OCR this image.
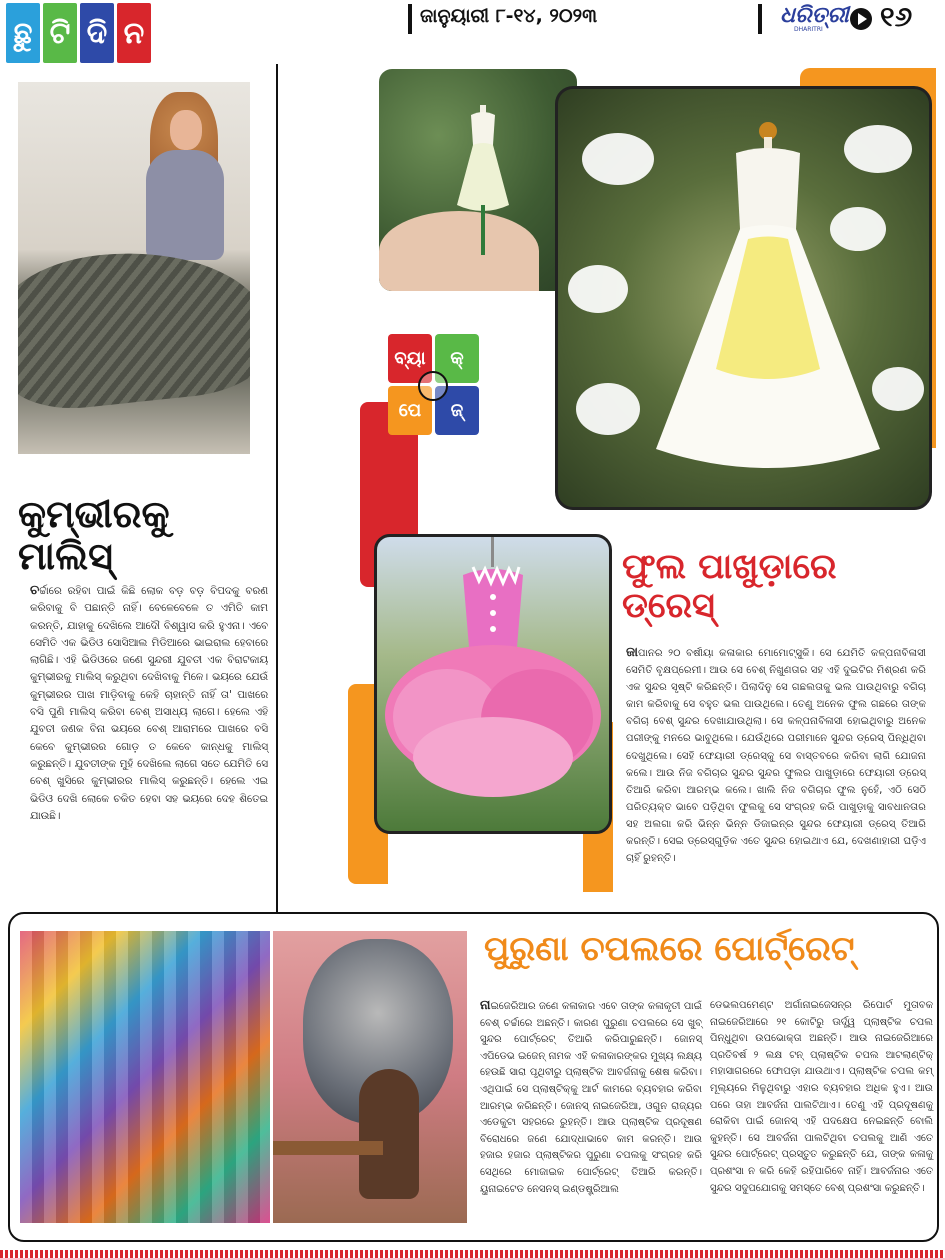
ଛୁ ଟି ଦି ନ	ଜାନୁୟାରୀ ୮-୧୪, ୨୦୨୩	ଧରିତ୍ରୀ
DHARITRI ୧୬
କୁମ୍ଭୀରକୁ ମାଲିସ୍

ଚର୍ଚ୍ଚାରେ ରହିବା ପାଇଁ କିଛି ଲୋକ ବଡ଼ ବଡ଼ ବିପଦକୁ ବରଣ କରିବାକୁ ବି ପଛାନ୍ତି ନାହିଁ। ବେଳେବେଳେ ତ ଏମିତି କାମ କରନ୍ତି, ଯାହାକୁ ଦେଖିଲେ ଆଦୌ ବିଶ୍ୱାସ କରି ହୁଏନା। ଏବେ ସେମିତି ଏକ ଭିଡିଓ ସୋସିଆଲ ମିଡିଆରେ ଭାଇରାଲ ହେବାରେ ଲାଗିଛି। ଏହି ଭିଡିଓରେ ଜଣେ ସୁନ୍ଦରୀ ଯୁବତୀ ଏକ ବିରାଟକାୟ କୁମ୍ଭୀରକୁ ମାଲିସ୍ କରୁଥିବା ଦେଖିବାକୁ ମିଳେ। ଭୟରେ ଯେଉଁ କୁମ୍ଭୀରର ପାଖ ମାଡ଼ିବାକୁ କେହି ଚାହାନ୍ତି ନାହିଁ ତା' ପାଖରେ ବସି ପୁଣି ମାଲିସ୍ କରିବା ବେଶ୍ ଅସାଧ୍ୟ ଲାଗେ। ହେଲେ ଏହି ଯୁବତୀ ଜଣକ ବିନା ଭୟରେ ବେଶ୍ ଆରାମରେ ପାଖରେ ବସି କେବେ କୁମ୍ଭୀରର ଗୋଡ଼ ତ କେବେ କାନ୍ଧକୁ ମାଲିସ୍ କରୁଛନ୍ତି। ଯୁବତୀଙ୍କ ମୁହଁ ଦେଖିଲେ ଲାଗେ ସତେ ଯେମିତି ସେ ବେଶ୍ ଖୁସିରେ କୁମ୍ଭୀରର ମାଲିସ୍ କରୁଛନ୍ତି। ହେଲେ ଏଇ ଭିଡିଓ ଦେଖି ଲୋକେ ଚକିତ ହେବା ସହ ଭୟରେ ଦେହ ଶିତେଇ ଯାଉଛି।

ବ୍ୟା	କ୍
ପେ	ଜ୍
ଫୁଲ ପାଖୁଡ଼ାରେ ଡ୍ରେସ୍

ଜାପାନର ୨୦ ବର୍ଷୀୟା କଳାକାର ମୋମୋଟ୍ସୁକି। ସେ ଯେମିତି କଳ୍ପନାବିଳାସୀ ସେମିତି ବୃକ୍ଷପ୍ରେମୀ। ଆଉ ସେ ବେଶ୍ ନିଖୁଣତାର ସହ ଏହି ଦୁଇଟିର ମିଶ୍ରଣ କରି ଏକ ସୁନ୍ଦର ସୃଷ୍ଟି କରିଛନ୍ତି। ପିଲାଦିନୁ ସେ ଗଛଲତାକୁ ଭଲ ପାଉଥିବାରୁ ବଗିଚା କାମ କରିବାକୁ ସେ ବହୁତ ଭଲ ପାଉଥିଲେ। ତେଣୁ ଅନେକ ଫୁଲ ଗଛରେ ତାଙ୍କ ବଗିଚା ବେଶ୍ ସୁନ୍ଦର ଦେଖାଯାଉଥିଲା। ସେ କଳ୍ପନାବିଳାସୀ ହୋଇଥିବାରୁ ଅନେକ ପରୀଙ୍କୁ ମନରେ ଭାବୁଥିଲେ। ଯେଉଁଥିରେ ପରୀମାନେ ସୁନ୍ଦର ଡ୍ରେସ୍ ପିନ୍ଧିଥିବା ଦେଖୁଥିଲେ। ସେହି ଫେୟାରୀ ଡ୍ରେସ୍‌କୁ ସେ ବାସ୍ତବରେ କରିବା ଲାଗି ଯୋଜନା କଲେ। ଆଉ ନିଜ ବଗିଚାର ସୁନ୍ଦର ସୁନ୍ଦର ଫୁଲର ପାଖୁଡ଼ାରେ ଫେୟାରୀ ଡ୍ରେସ୍ ତିଆରି କରିବା ଆରମ୍ଭ କଲେ। ଖାଲି ନିଜ ବଗିଚାର ଫୁଲ ନୁହେଁ, ଏଠି ସେଠି ପରିତ୍ୟକ୍ତ ଭାବେ ପଡ଼ିଥିବା ଫୁଲକୁ ସେ ସଂଗ୍ରହ କରି ପାଖୁଡ଼ାକୁ ସାବଧାନତାର ସହ ଅଲଗା କରି ଭିନ୍ନ ଭିନ୍ନ ଡିଜାଇନ୍‌ର ସୁନ୍ଦର ଫେୟାରୀ ଡ୍ରେସ୍ ତିଆରି କରନ୍ତି। ସେଇ ଡ୍ରେସ୍‌ଗୁଡ଼ିକ ଏତେ ସୁନ୍ଦର ହୋଇଥାଏ ଯେ, ଦେଖଣାହାରୀ ଘଡ଼ିଏ ଚାହିଁ ରୁହନ୍ତି।

ପୁରୁଣା ଚପଲରେ ପୋର୍ଟ୍ରେଟ୍

ନାଇଜେରିଆର ଜଣେ କଳାକାର ଏବେ ତାଙ୍କ କଳାକୃତୀ ପାଇଁ ବେଶ୍ ଚର୍ଚ୍ଚାରେ ଅଛନ୍ତି। କାରଣ ପୁରୁଣା ଚପଲରେ ସେ ଖୁବ୍ ସୁନ୍ଦର ପୋର୍ଟ୍ରେଟ୍ ତିଆରି କରିପାରୁଛନ୍ତି। ଜୋନସ୍ ଏପିଡେଭ ଇଜେନ୍ ନାମକ ଏହି କଳାକାରଙ୍କର ମୁଖ୍ୟ ଲକ୍ଷ୍ୟ ହେଉଛି ସାରା ପୃଥିବୀରୁ ପ୍ଲାଷ୍ଟିକ ଆବର୍ଜନାକୁ ଶେଷ କରିବା। ଏଥିପାଇଁ ସେ ପ୍ଲାଷ୍ଟିକ୍‌କୁ ଆର୍ଟ କାମରେ ବ୍ୟବହାର କରିବା ଆରମ୍ଭ କରିଛନ୍ତି। ଜୋନସ୍ ନାଇଜେରିଆ, ଓଗୁନ ରାଜ୍ୟର ଏଡେକୁଟା ସହରରେ ରୁହନ୍ତି। ଆଉ ପ୍ଲାଷ୍ଟିକ ପ୍ରଦୂଷଣ ବିରୋଧରେ ଜଣେ ଯୋଦ୍ଧାଭାବେ କାମ କରନ୍ତି। ଆଉ ହଜାର ହଜାର ପ୍ଲାଷ୍ଟିକର ପୁରୁଣା ଚପଲକୁ ସଂଗ୍ରହ କରି ସେଥିରେ ମୋଜାଇକ ପୋର୍ଟ୍ରେଟ୍ ତିଆରି କରନ୍ତି। ୟୁନାଇଟେଡ ନେସନସ୍ ଇଣ୍ଡଷ୍ଟ୍ରିଆଲ

ଡେଭଲପମେଣ୍ଟ ଅର୍ଗାନାଇଜେସନ୍‌ର ରିପୋର୍ଟ ମୁତାବକ ନାଇଜେରିଆରେ ୨୧ କୋଟିରୁ ଊର୍ଦ୍ଧ୍ୱ ପ୍ଲାଷ୍ଟିକ ଚପଲ ପିନ୍ଧୁଥିବା ଉପଭୋକ୍ତା ଅଛନ୍ତି। ଆଉ ନାଇଜେରିଆରେ ପ୍ରତିବର୍ଷ ୨ ଲକ୍ଷ ଟନ୍ ପ୍ଲାଷ୍ଟିକ ଚପଲ ଆଟଲାଣ୍ଟିକ୍ ମହାସାଗରରେ ଫୋପଡ଼ା ଯାଉଥାଏ। ପ୍ଲାଷ୍ଟିକ ଚପଲ କମ୍ ମୂଲ୍ୟରେ ମିଳୁଥିବାରୁ ଏହାର ବ୍ୟବହାର ଅଧିକ ହୁଏ। ଆଉ ପରେ ତାହା ଆବର୍ଜନା ପାଲଟିଥାଏ। ତେଣୁ ଏହି ପ୍ରଦୂଷଣକୁ ରୋକିବା ପାଇଁ ଜୋନସ୍ ଏହି ପଦକ୍ଷେପ ନେଇଛନ୍ତି ବୋଲି କୁହନ୍ତି। ସେ ଆବର୍ଜନା ପାଲଟିଥିବା ଚପଲକୁ ଆଣି ଏତେ ସୁନ୍ଦର ପୋର୍ଟ୍ରେଟ୍ ପ୍ରସ୍ତୁତ କରୁଛନ୍ତି ଯେ, ତାଙ୍କ କଳାକୁ ପ୍ରଶଂସା ନ କରି କେହି ରହିପାରିବେ ନାହିଁ। ଆବର୍ଜନାର ଏତେ ସୁନ୍ଦର ସଦୁପଯୋଗକୁ ସମସ୍ତେ ବେଶ୍ ପ୍ରଶଂସା କରୁଛନ୍ତି।
